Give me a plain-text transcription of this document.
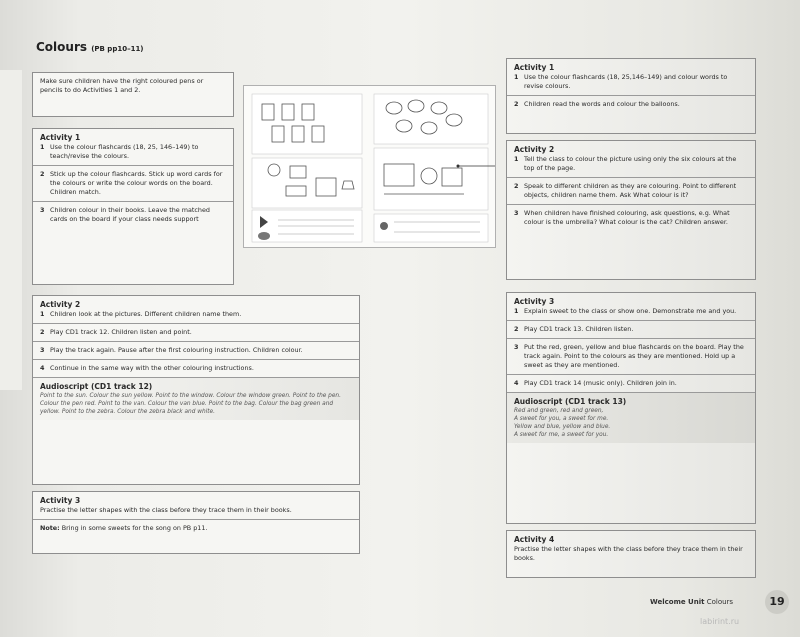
Colours (PB pp10–11)
Make sure children have the right coloured pens or pencils to do Activities 1 and 2.
Activity 1
1 Use the colour flashcards (18, 25, 146–149) to teach/revise the colours.
2 Stick up the colour flashcards. Stick up word cards for the colours or write the colour words on the board. Children match.
3 Children colour in their books. Leave the matched cards on the board if your class needs support
Activity 2
1 Children look at the pictures. Different children name them.
2 Play CD1 track 12. Children listen and point.
3 Play the track again. Pause after the first colouring instruction. Children colour.
4 Continue in the same way with the other colouring instructions.
Audioscript (CD1 track 12)
Point to the sun. Colour the sun yellow. Point to the window. Colour the window green. Point to the pen. Colour the pen red. Point to the van. Colour the van blue. Point to the bag. Colour the bag green and yellow. Point to the zebra. Colour the zebra black and white.
Activity 3
Practise the letter shapes with the class before they trace them in their books.
Note: Bring in some sweets for the song on PB p11.
Activity 1
1 Use the colour flashcards (18, 25,146–149) and colour words to revise colours.
2 Children read the words and colour the balloons.
Activity 2
1 Tell the class to colour the picture using only the six colours at the top of the page.
2 Speak to different children as they are colouring. Point to different objects, children name them. Ask What colour is it?
3 When children have finished colouring, ask questions, e.g. What colour is the umbrella? What colour is the cat? Children answer.
Activity 3
1 Explain sweet to the class or show one. Demonstrate me and you.
2 Play CD1 track 13. Children listen.
3 Put the red, green, yellow and blue flashcards on the board. Play the track again. Point to the colours as they are mentioned. Hold up a sweet as they are mentioned.
4 Play CD1 track 14 (music only). Children join in.
Audioscript (CD1 track 13)
Red and green, red and green,
A sweet for you, a sweet for me.
Yellow and blue, yellow and blue.
A sweet for me, a sweet for you.
Activity 4
Practise the letter shapes with the class before they trace them in their books.
Welcome Unit Colours	19
labirint.ru
